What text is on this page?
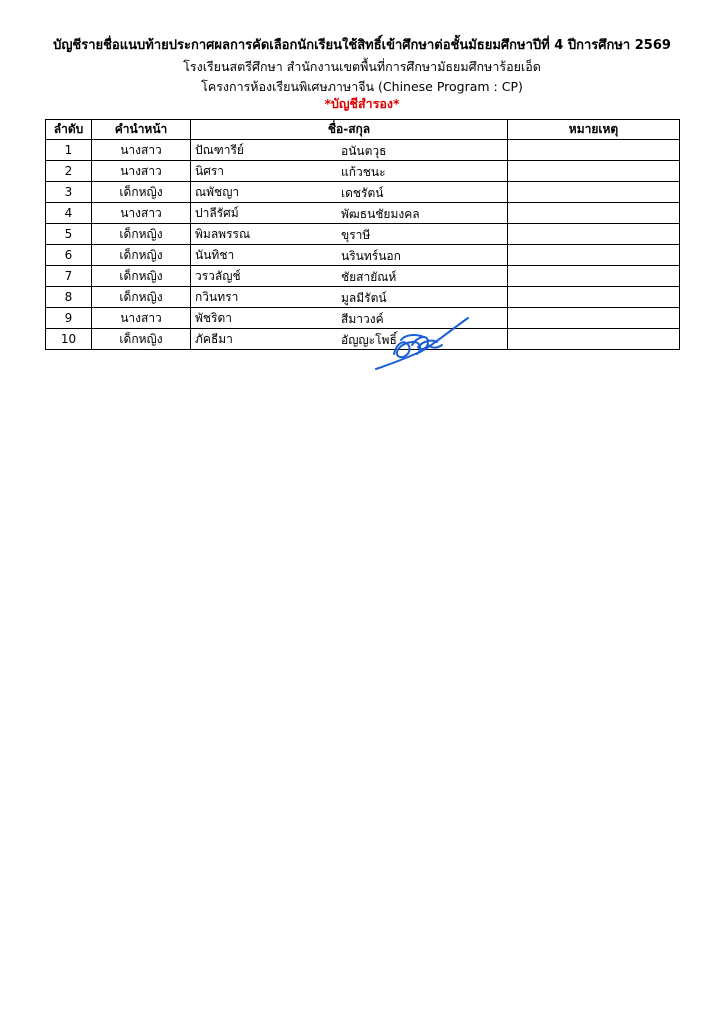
บัญชีรายชื่อแนบท้ายประกาศผลการคัดเลือกนักเรียนใช้สิทธิ์เข้าศึกษาต่อชั้นมัธยมศึกษาปีที่ 4 ปีการศึกษา 2569
โรงเรียนสตรีศึกษา สำนักงานเขตพื้นที่การศึกษามัธยมศึกษาร้อยเอ็ด
โครงการห้องเรียนพิเศษภาษาจีน (Chinese Program : CP)
*บัญชีสำรอง*
ลำดับ	คำนำหน้า	ชื่อ-สกุล	หมายเหตุ
1	นางสาว	ปัณฑารีย์ อนันตวุธ	

2	นางสาว	นิศรา แก้วชนะ	

3	เด็กหญิง	ณพัชญา เดชรัตน์	

4	นางสาว	ปาลีรัศม์ พัฒธนชัยมงคล	

5	เด็กหญิง	พิมลพรรณ ขุราษี	

6	เด็กหญิง	นันทิชา นรินทร์นอก	

7	เด็กหญิง	วรวลัญช์ ชัยสายัณห์	

8	เด็กหญิง	กวินทรา มูลมีรัตน์	

9	นางสาว	พัชริดา สีมาวงค์	

10	เด็กหญิง	ภัคธีมา อัญญะโพธิ์	
